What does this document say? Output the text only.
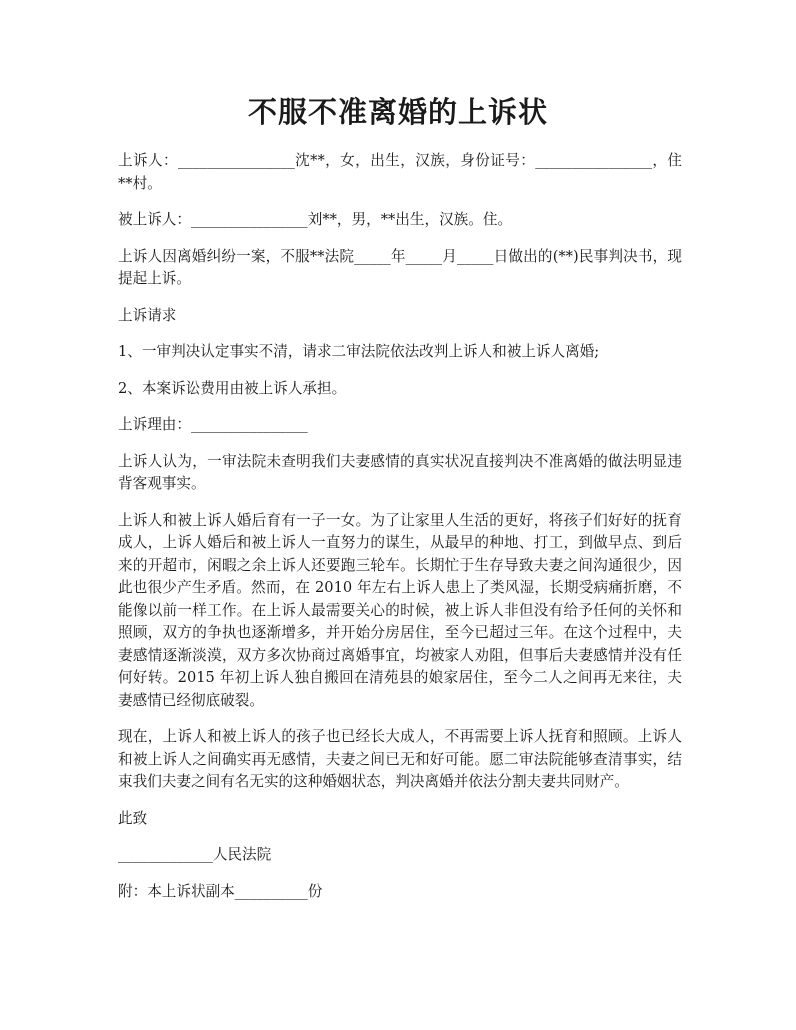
不服不准离婚的上诉状

上诉人：________________沈**，女，出生，汉族，身份证号：________________，住**村。

被上诉人：________________刘**，男，**出生，汉族。住。

上诉人因离婚纠纷一案，不服**法院_____年_____月_____日做出的(**)民事判决书，现提起上诉。

上诉请求

1、一审判决认定事实不清，请求二审法院依法改判上诉人和被上诉人离婚;

2、本案诉讼费用由被上诉人承担。

上诉理由：________________

上诉人认为，一审法院未查明我们夫妻感情的真实状况直接判决不准离婚的做法明显违背客观事实。

上诉人和被上诉人婚后育有一子一女。为了让家里人生活的更好，将孩子们好好的抚育成人，上诉人婚后和被上诉人一直努力的谋生，从最早的种地、打工，到做早点、到后来的开超市，闲暇之余上诉人还要跑三轮车。长期忙于生存导致夫妻之间沟通很少，因此也很少产生矛盾。然而，在 2010 年左右上诉人患上了类风湿，长期受病痛折磨，不能像以前一样工作。在上诉人最需要关心的时候，被上诉人非但没有给予任何的关怀和照顾，双方的争执也逐渐增多，并开始分房居住，至今已超过三年。在这个过程中，夫妻感情逐渐淡漠，双方多次协商过离婚事宜，均被家人劝阻，但事后夫妻感情并没有任何好转。2015 年初上诉人独自搬回在清苑县的娘家居住，至今二人之间再无来往，夫妻感情已经彻底破裂。

现在，上诉人和被上诉人的孩子也已经长大成人，不再需要上诉人抚育和照顾。上诉人和被上诉人之间确实再无感情，夫妻之间已无和好可能。愿二审法院能够查清事实，结束我们夫妻之间有名无实的这种婚姻状态，判决离婚并依法分割夫妻共同财产。

此致

_____________人民法院

附：本上诉状副本__________份
